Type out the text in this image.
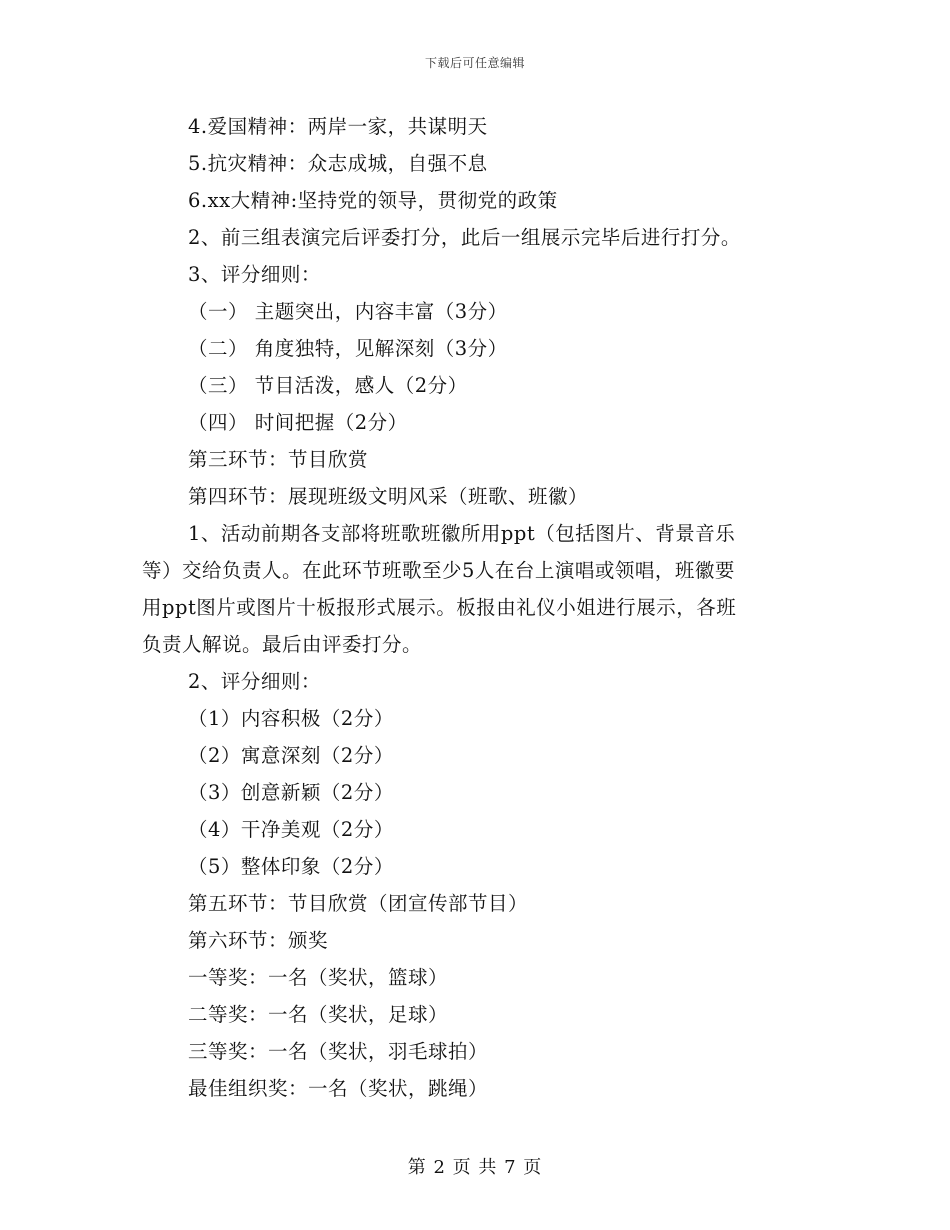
下载后可任意编辑
4.爱国精神：两岸一家，共谋明天
5.抗灾精神：众志成城，自强不息
6.xx大精神:坚持党的领导，贯彻党的政策
2、前三组表演完后评委打分，此后一组展示完毕后进行打分。
3、评分细则：
（一） 主题突出，内容丰富（3分）
（二） 角度独特，见解深刻（3分）
（三） 节目活泼，感人（2分）
（四） 时间把握（2分）
第三环节：节目欣赏
第四环节：展现班级文明风采（班歌、班徽）
1、活动前期各支部将班歌班徽所用ppt（包括图片、背景音乐
等）交给负责人。在此环节班歌至少5人在台上演唱或领唱，班徽要
用ppt图片或图片十板报形式展示。板报由礼仪小姐进行展示，各班
负责人解说。最后由评委打分。
2、评分细则：
（1）内容积极（2分）
（2）寓意深刻（2分）
（3）创意新颖（2分）
（4）干净美观（2分）
（5）整体印象（2分）
第五环节：节目欣赏（团宣传部节目）
第六环节：颁奖
一等奖：一名（奖状，篮球）
二等奖：一名（奖状，足球）
三等奖：一名（奖状，羽毛球拍）
最佳组织奖：一名（奖状，跳绳）
第 2 页 共 7 页
